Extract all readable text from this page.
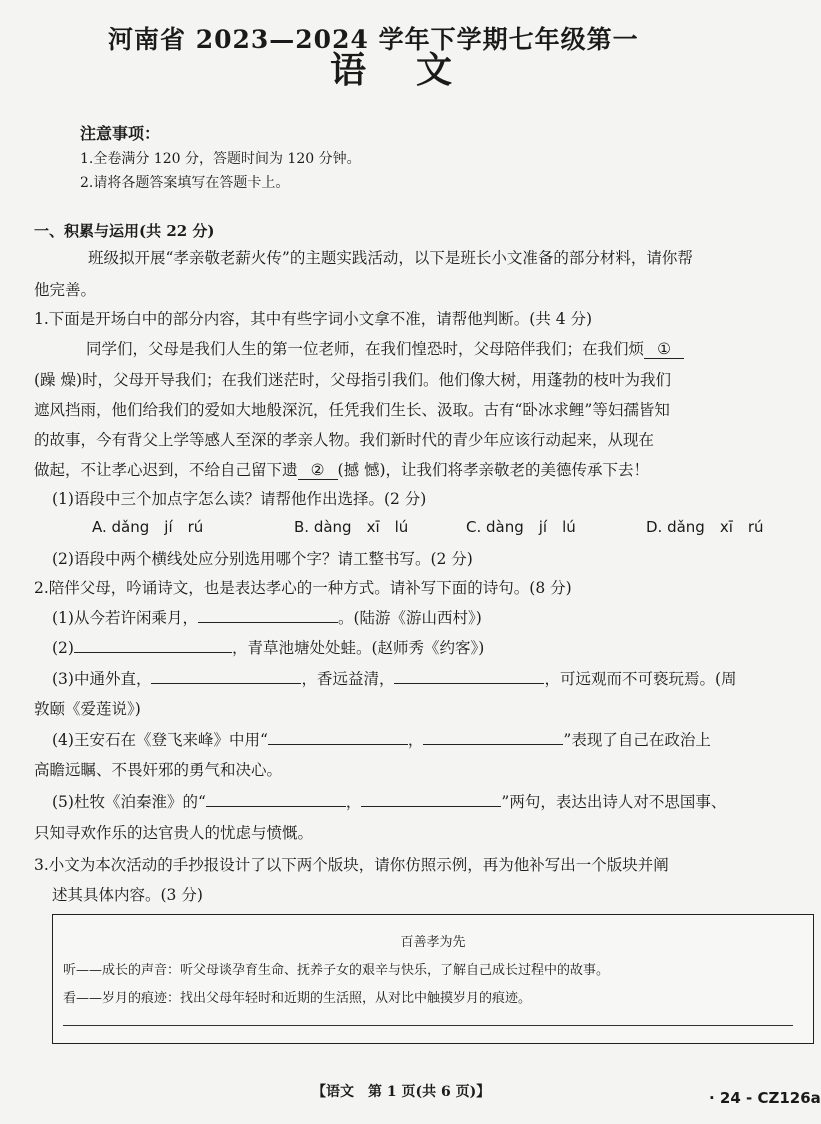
河南省 2023—2024 学年下学期七年级第一
语文
注意事项：
1.全卷满分 120 分，答题时间为 120 分钟。
2.请将各题答案填写在答题卡上。
一、积累与运用(共 22 分)
班级拟开展“孝亲敬老薪火传”的主题实践活动，以下是班长小文准备的部分材料，请你帮
他完善。
1.下面是开场白中的部分内容，其中有些字词小文拿不准，请帮他判断。(共 4 分)
同学们，父母是我们人生的第一位老师，在我们惶恐时，父母陪伴我们；在我们烦 ①
(躁 燥)时，父母开导我们；在我们迷茫时，父母指引我们。他们像大树，用蓬勃的枝叶为我们
遮风挡雨，他们给我们的爱如大地般深沉，任凭我们生长、汲取。古有“卧冰求鲤”等妇孺皆知
的故事，今有背父上学等感人至深的孝亲人物。我们新时代的青少年应该行动起来，从现在
做起，不让孝心迟到，不给自己留下遗 ② (撼 憾)，让我们将孝亲敬老的美德传承下去！
(1)语段中三个加点字怎么读？请帮他作出选择。(2 分)
A. dǎng　jí　rú	B. dàng　xī　lú	C. dàng　jí　lú	D. dǎng　xī　rú
(2)语段中两个横线处应分别选用哪个字？请工整书写。(2 分)
2.陪伴父母，吟诵诗文，也是表达孝心的一种方式。请补写下面的诗句。(8 分)
(1)从今若许闲乘月，	。(陆游《游山西村》)
(2)	，青草池塘处处蛙。(赵师秀《约客》)
(3)中通外直，	，香远益清，	，可远观而不可亵玩焉。(周
敦颐《爱莲说》)
(4)王安石在《登飞来峰》中用“	，	”表现了自己在政治上
高瞻远瞩、不畏奸邪的勇气和决心。
(5)杜牧《泊秦淮》的“	，	”两句，表达出诗人对不思国事、
只知寻欢作乐的达官贵人的忧虑与愤慨。
3.小文为本次活动的手抄报设计了以下两个版块，请你仿照示例，再为他补写出一个版块并阐
述其具体内容。(3 分)
百善孝为先
听——成长的声音：听父母谈孕育生命、抚养子女的艰辛与快乐，了解自己成长过程中的故事。
看——岁月的痕迹：找出父母年轻时和近期的生活照，从对比中触摸岁月的痕迹。
【语文　第 1 页(共 6 页)】	· 24 - CZ126a
